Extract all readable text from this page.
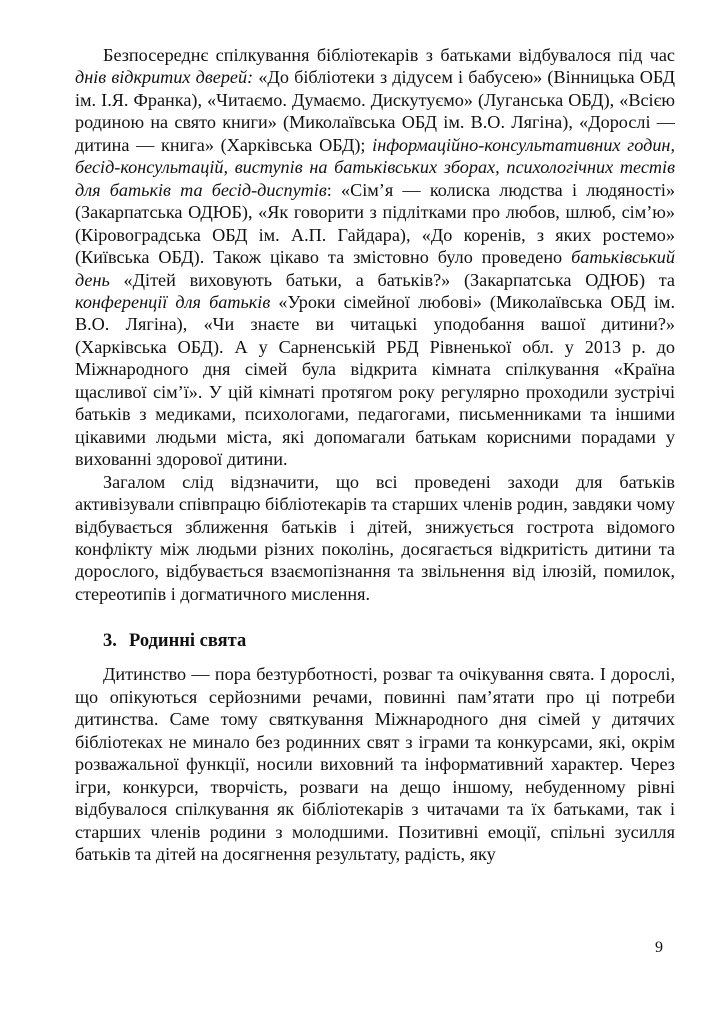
Безпосереднє спілкування бібліотекарів з батьками відбувалося під час днів відкритих дверей: «До бібліотеки з дідусем і бабусею» (Вінницька ОБД ім. І.Я. Франка), «Читаємо. Думаємо. Дискутуємо» (Луганська ОБД), «Всією родиною на свято книги» (Миколаївська ОБД ім. В.О. Лягіна), «Дорослі — дитина — книга» (Харківська ОБД); інформаційно-консультативних годин, бесід-консультацій, виступів на батьківських зборах, психологічних тестів для батьків та бесід-диспутів: «Сім’я — колиска людства і людяності» (Закарпатська ОДЮБ), «Як говорити з підлітками про любов, шлюб, сім’ю» (Кіровоградська ОБД ім. А.П. Гайдара), «До коренів, з яких ростемо» (Київська ОБД). Також цікаво та змістовно було проведено батьківський день «Дітей виховують батьки, а батьків?» (Закарпатська ОДЮБ) та конференції для батьків «Уроки сімейної любові» (Миколаївська ОБД ім. В.О. Лягіна), «Чи знаєте ви читацькі уподобання вашої дитини?» (Харківська ОБД). А у Сарненській РБД Рівненької обл. у 2013 р. до Міжнародного дня сімей була відкрита кімната спілкування «Країна щасливої сім’ї». У цій кімнаті протягом року регулярно проходили зустрічі батьків з медиками, психологами, педагогами, письменниками та іншими цікавими людьми міста, які допомагали батькам корисними порадами у вихованні здорової дитини.

Загалом слід відзначити, що всі проведені заходи для батьків активізували співпрацю бібліотекарів та старших членів родин, завдяки чому відбувається зближення батьків і дітей, знижується гострота відомого конфлікту між людьми різних поколінь, досягається відкритість дитини та дорослого, відбувається взаємопізнання та звільнення від ілюзій, помилок, стереотипів і догматичного мислення.

3. Родинні свята

Дитинство — пора безтурботності, розваг та очікування свята. І дорослі, що опікуються серйозними речами, повинні пам’ятати про ці потреби дитинства. Саме тому святкування Міжнародного дня сімей у дитячих бібліотеках не минало без родинних свят з іграми та конкурсами, які, окрім розважальної функції, носили виховний та інформативний характер. Через ігри, конкурси, творчість, розваги на дещо іншому, небуденному рівні відбувалося спілкування як бібліотекарів з читачами та їх батьками, так і старших членів родини з молодшими. Позитивні емоції, спільні зусилля батьків та дітей на досягнення результату, радість, яку

9
